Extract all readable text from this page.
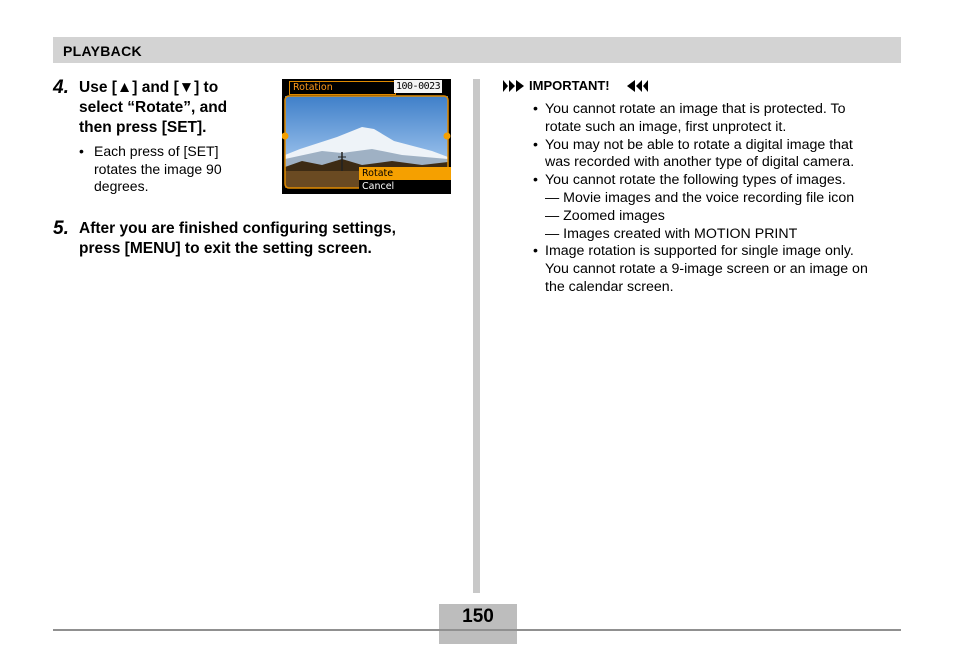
PLAYBACK
4. Use [▲] and [▼] to
select “Rotate”, and
then press [SET].
• Each press of [SET]
rotates the image 90
degrees.
Rotation	100-0023
Rotate
Cancel
5. After you are finished configuring settings,
press [MENU] to exit the setting screen.
IMPORTANT!
• You cannot rotate an image that is protected. To
rotate such an image, first unprotect it.
• You may not be able to rotate a digital image that
was recorded with another type of digital camera.
• You cannot rotate the following types of images.
— Movie images and the voice recording file icon
— Zoomed images
— Images created with MOTION PRINT
• Image rotation is supported for single image only.
You cannot rotate a 9-image screen or an image on
the calendar screen.
150
